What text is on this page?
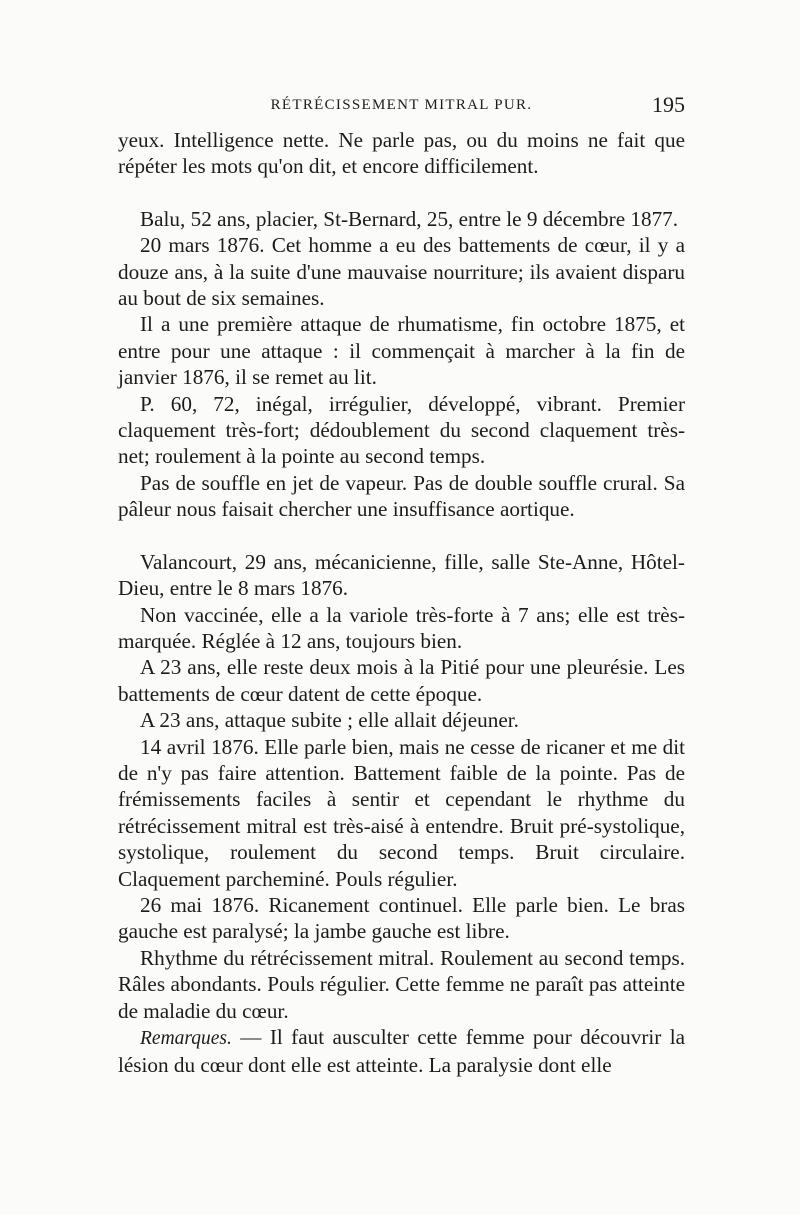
RÉTRÉCISSEMENT MITRAL PUR.	195

yeux. Intelligence nette. Ne parle pas, ou du moins ne fait que répéter les mots qu'on dit, et encore difficilement.

Balu, 52 ans, placier, St-Bernard, 25, entre le 9 décembre 1877.

20 mars 1876. Cet homme a eu des battements de cœur, il y a douze ans, à la suite d'une mauvaise nourriture; ils avaient disparu au bout de six semaines.

Il a une première attaque de rhumatisme, fin octobre 1875, et entre pour une attaque : il commençait à marcher à la fin de janvier 1876, il se remet au lit.

P. 60, 72, inégal, irrégulier, développé, vibrant. Premier claquement très-fort; dédoublement du second claquement très-net; roulement à la pointe au second temps.

Pas de souffle en jet de vapeur. Pas de double souffle crural. Sa pâleur nous faisait chercher une insuffisance aortique.

Valancourt, 29 ans, mécanicienne, fille, salle Ste-Anne, Hôtel-Dieu, entre le 8 mars 1876.

Non vaccinée, elle a la variole très-forte à 7 ans; elle est très-marquée. Réglée à 12 ans, toujours bien.

A 23 ans, elle reste deux mois à la Pitié pour une pleurésie. Les battements de cœur datent de cette époque.

A 23 ans, attaque subite ; elle allait déjeuner.

14 avril 1876. Elle parle bien, mais ne cesse de ricaner et me dit de n'y pas faire attention. Battement faible de la pointe. Pas de frémissements faciles à sentir et cependant le rhythme du rétrécissement mitral est très-aisé à entendre. Bruit pré-systolique, systolique, roulement du second temps. Bruit circulaire. Claquement parcheminé. Pouls régulier.

26 mai 1876. Ricanement continuel. Elle parle bien. Le bras gauche est paralysé; la jambe gauche est libre.

Rhythme du rétrécissement mitral. Roulement au second temps. Râles abondants. Pouls régulier. Cette femme ne paraît pas atteinte de maladie du cœur.

Remarques. — Il faut ausculter cette femme pour découvrir la lésion du cœur dont elle est atteinte. La paralysie dont elle
